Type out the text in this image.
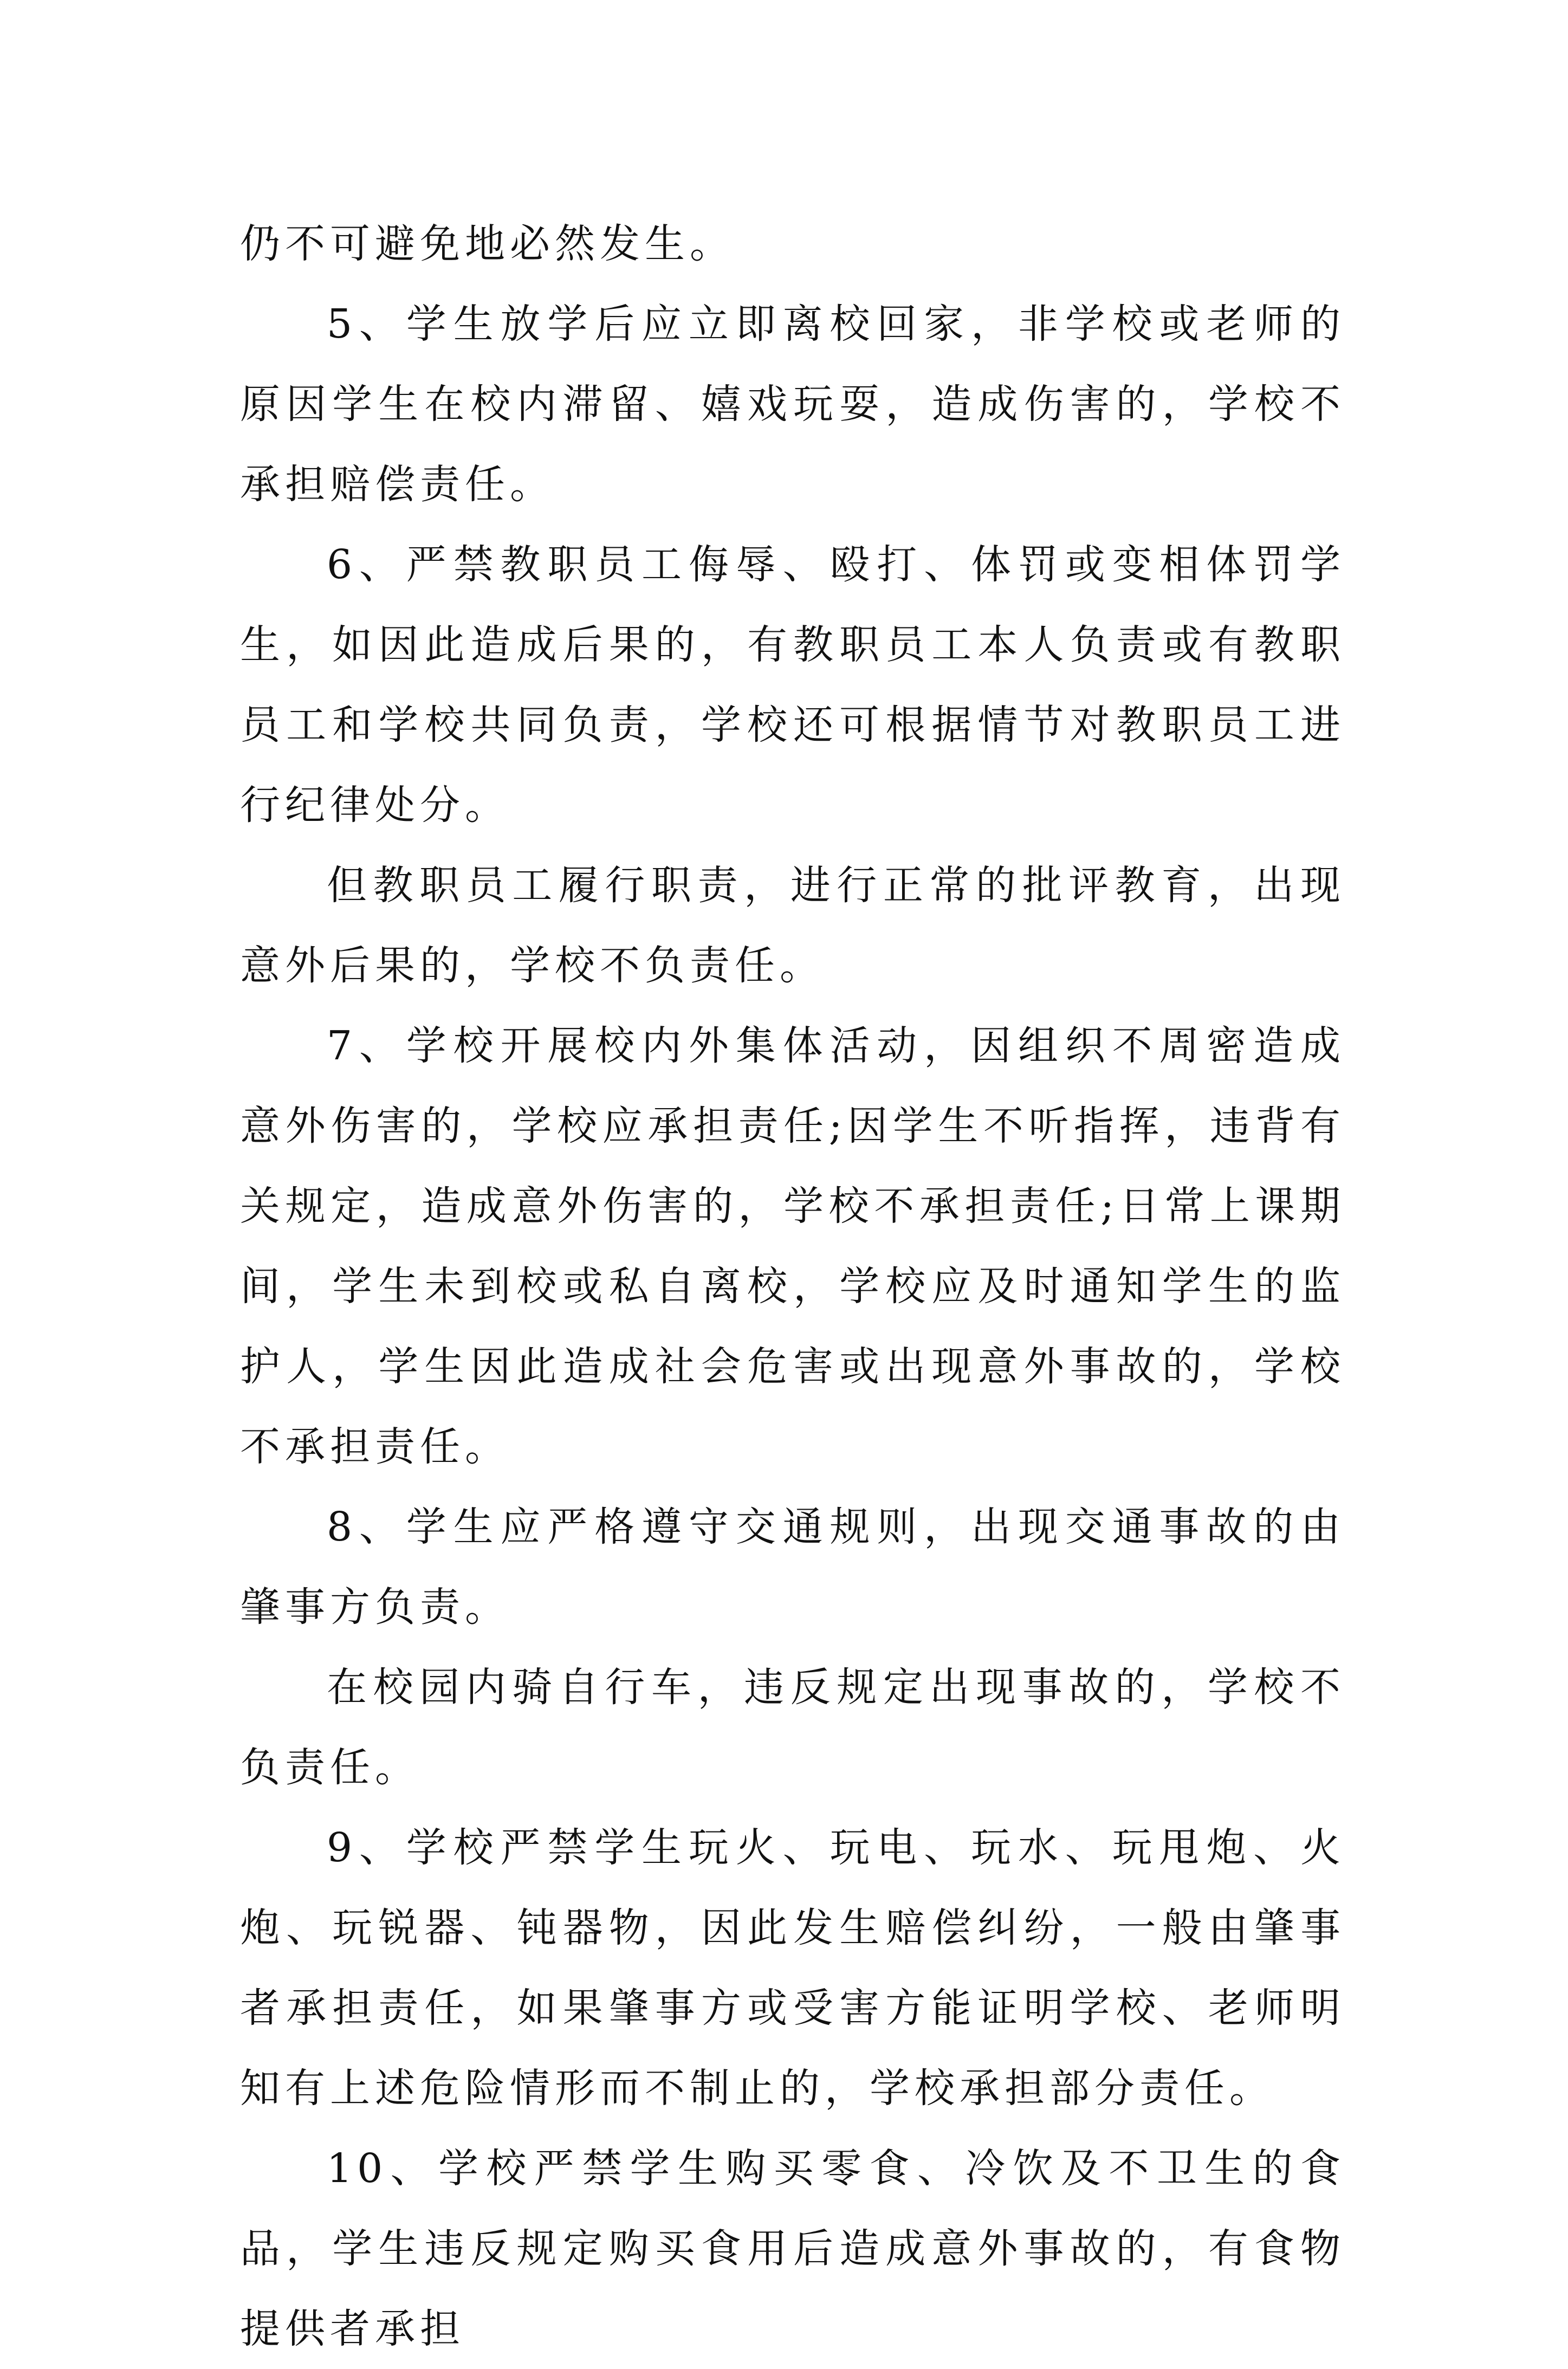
仍不可避免地必然发生。

5、学生放学后应立即离校回家，非学校或老师的原因学生在校内滞留、嬉戏玩耍，造成伤害的，学校不承担赔偿责任。

6、严禁教职员工侮辱、殴打、体罚或变相体罚学生，如因此造成后果的，有教职员工本人负责或有教职员工和学校共同负责，学校还可根据情节对教职员工进行纪律处分。

但教职员工履行职责，进行正常的批评教育，出现意外后果的，学校不负责任。

7、学校开展校内外集体活动，因组织不周密造成意外伤害的，学校应承担责任;因学生不听指挥，违背有关规定，造成意外伤害的，学校不承担责任;日常上课期间，学生未到校或私自离校，学校应及时通知学生的监护人，学生因此造成社会危害或出现意外事故的，学校不承担责任。

8、学生应严格遵守交通规则，出现交通事故的由肇事方负责。

在校园内骑自行车，违反规定出现事故的，学校不负责任。

9、学校严禁学生玩火、玩电、玩水、玩甩炮、火炮、玩锐器、钝器物，因此发生赔偿纠纷，一般由肇事者承担责任，如果肇事方或受害方能证明学校、老师明知有上述危险情形而不制止的，学校承担部分责任。

10、学校严禁学生购买零食、冷饮及不卫生的食品，学生违反规定购买食用后造成意外事故的，有食物提供者承担
